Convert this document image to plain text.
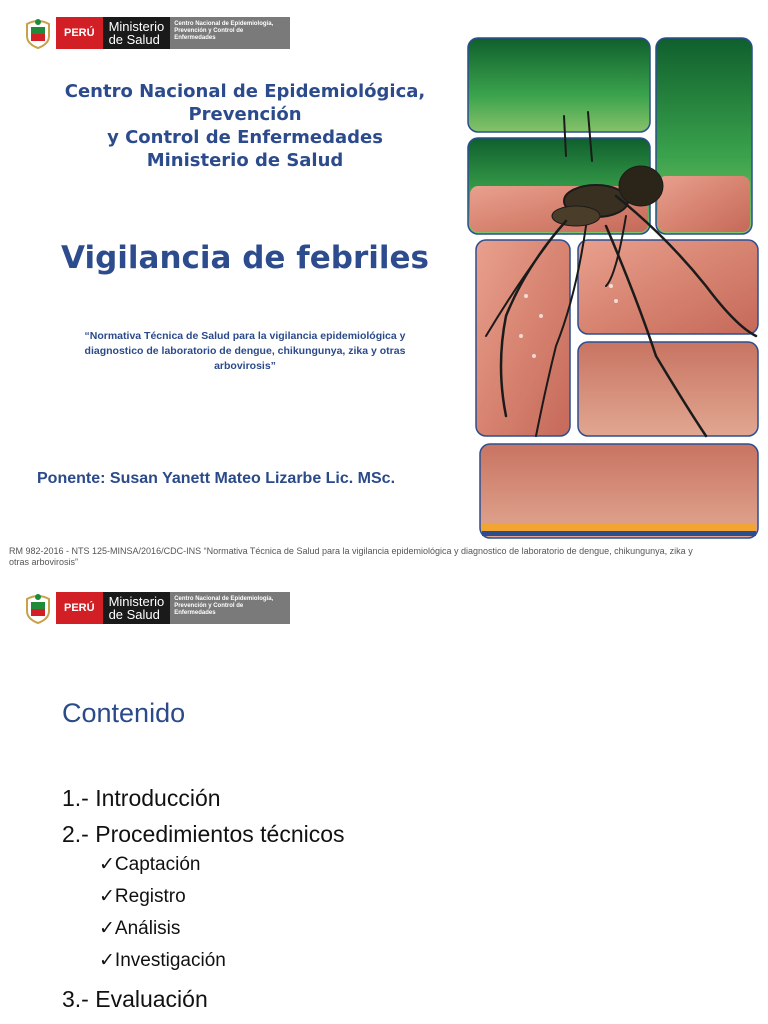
PERÚ	Ministerio
de Salud
Centro Nacional de Epidemiología, Prevención y Control de Enfermedades
Centro Nacional de Epidemiológica,
Prevención
y Control de Enfermedades
Ministerio de Salud
Vigilancia de febriles
“Normativa Técnica de Salud para la vigilancia epidemiológica y diagnostico de laboratorio de dengue, chikungunya, zika y otras arbovirosis”
Ponente: Susan Yanett Mateo Lizarbe Lic. MSc.
RM 982-2016 - NTS 125-MINSA/2016/CDC-INS “Normativa Técnica de Salud para la vigilancia epidemiológica y diagnostico de laboratorio de dengue, chikungunya, zika y otras arbovirosis”
PERÚ	Ministerio
de Salud
Centro Nacional de Epidemiología, Prevención y Control de Enfermedades
Contenido
1.- Introducción
2.- Procedimientos técnicos
✓Captación
✓Registro
✓Análisis
✓Investigación
3.- Evaluación
